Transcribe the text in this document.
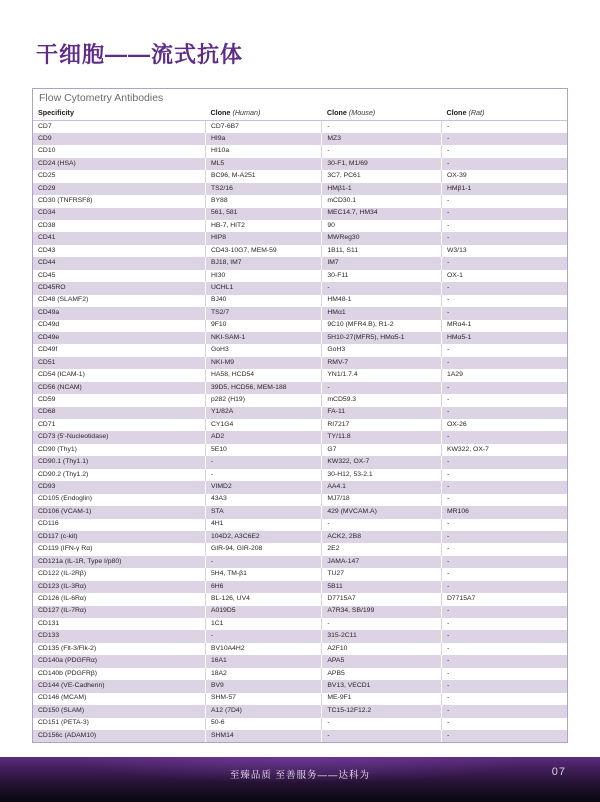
干细胞——流式抗体
Flow Cytometry Antibodies
Specificity	Clone (Human)	Clone (Mouse)	Clone (Rat)
CD7	CD7-6B7	-	-
CD9	HI9a	MZ3	-
CD10	HI10a	-	-
CD24 (HSA)	ML5	30-F1, M1/69	-
CD25	BC96, M-A251	3C7, PC61	OX-39
CD29	TS2/16	HMβ1-1	HMβ1-1
CD30 (TNFRSF8)	BY88	mCD30.1	-
CD34	561, 581	MEC14.7, HM34	-
CD38	HB-7, HIT2	90	-
CD41	HIP8	MWReg30	-
CD43	CD43-10G7, MEM-59	1B11, S11	W3/13
CD44	BJ18, IM7	IM7	-
CD45	HI30	30-F11	OX-1
CD45RO	UCHL1	-	-
CD48 (SLAMF2)	BJ40	HM48-1	-
CD49a	TS2/7	HMα1	-
CD49d	9F10	9C10 (MFR4.B), R1-2	MRα4-1
CD49e	NKI-SAM-1	5H10-27(MFR5), HMα5-1	HMα5-1
CD49f	GoH3	GoH3	-
CD51	NKI-M9	RMV-7	-
CD54 (ICAM-1)	HA58, HCD54	YN1/1.7.4	1A29
CD56 (NCAM)	39D5, HCD56, MEM-188	-	-
CD59	p282 (H19)	mCD59.3	-
CD68	Y1/82A	FA-11	-
CD71	CY1G4	RI7217	OX-26
CD73 (5'-Nucleotidase)	AD2	TY/11.8	-
CD90 (Thy1)	5E10	G7	KW322, OX-7
CD90.1 (Thy1.1)	-	KW322, OX-7	-
CD90.2 (Thy1.2)	-	30-H12, 53-2.1	-
CD93	VIMD2	AA4.1	-
CD105 (Endoglin)	43A3	MJ7/18	-
CD106 (VCAM-1)	STA	429 (MVCAM.A)	MR106
CD116	4H1	-	-
CD117 (c-kit)	104D2, A3C6E2	ACK2, 2B8	-
CD119 (IFN-γ Rα)	GIR-94, GIR-208	2E2	-
CD121a (IL-1R, Type I/p80)	-	JAMA-147	-
CD122 (IL-2Rβ)	5H4, TM-β1	TU27	-
CD123 (IL-3Rα)	6H6	5B11	-
CD126 (IL-6Rα)	BL-126, UV4	D7715A7	D7715A7
CD127 (IL-7Rα)	A019D5	A7R34, SB/199	-
CD131	1C1	-	-
CD133	-	315-2C11	-
CD135 (Flt-3/Flk-2)	BV10A4H2	A2F10	-
CD140a (PDGFRα)	16A1	APA5	-
CD140b (PDGFRβ)	18A2	APB5	-
CD144 (VE-Cadherin)	BV9	BV13, VECD1	-
CD146 (MCAM)	SHM-57	ME-9F1	-
CD150 (SLAM)	A12 (7D4)	TC15-12F12.2	-
CD151 (PETA-3)	50-6	-	-
CD156c (ADAM10)	SHM14	-	-
至臻品质 至善服务——达科为	07
